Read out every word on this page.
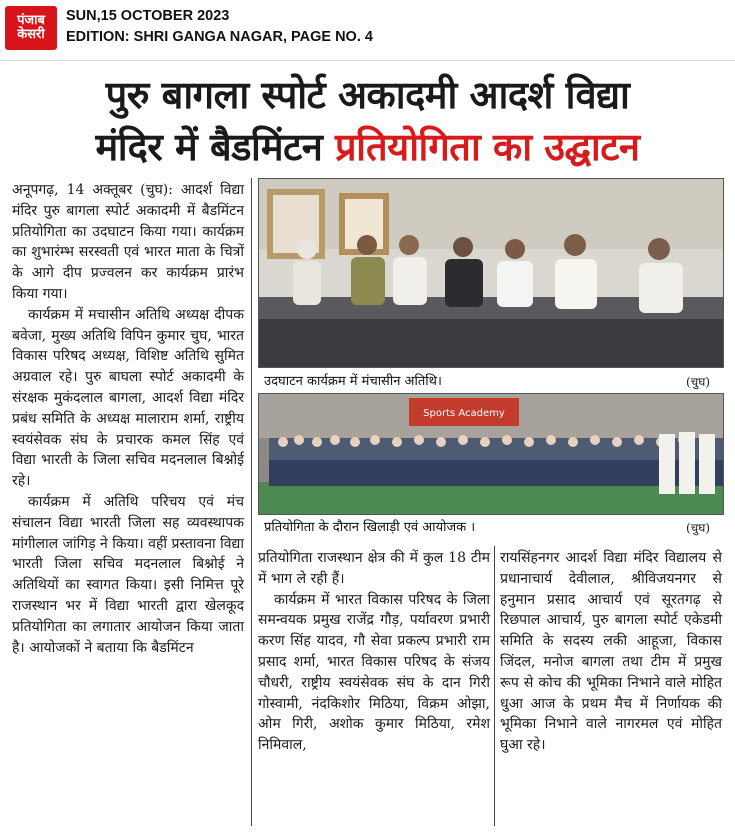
पंजाब
केसरी
SUN,15 OCTOBER 2023
EDITION: SHRI GANGA NAGAR, PAGE NO. 4
पुरु बागला स्पोर्ट अकादमी आदर्श विद्या
मंदिर में बैडमिंटन प्रतियोगिता का उद्घाटन

अनूपगढ़, 14 अक्तूबर (चुघ): आदर्श विद्या मंदिर पुरु बागला स्पोर्ट अकादमी में बैडमिंटन प्रतियोगिता का उदघाटन किया गया। कार्यक्रम का शुभारंम्भ सरस्वती एवं भारत माता के चित्रों के आगे दीप प्रज्वलन कर कार्यक्रम प्रारंभ किया गया।

कार्यक्रम में मचासीन अतिथि अध्यक्ष दीपक बवेजा, मुख्य अतिथि विपिन कुमार चुघ, भारत विकास परिषद अध्यक्ष, विशिष्ट अतिथि सुमित अग्रवाल रहे। पुरु बाघला स्पोर्ट अकादमी के संरक्षक मुकंदलाल बागला, आदर्श विद्या मंदिर प्रबंध समिति के अध्यक्ष मालाराम शर्मा, राष्ट्रीय स्वयंसेवक संघ के प्रचारक कमल सिंह एवं विद्या भारती के जिला सचिव मदनलाल बिश्नोई रहे।

कार्यक्रम में अतिथि परिचय एवं मंच संचालन विद्या भारती जिला सह व्यवस्थापक मांगीलाल जांगिड़ ने किया। वहीं प्रस्तावना विद्या भारती जिला सचिव मदनलाल बिश्नोई ने अतिथियों का स्वागत किया। इसी निमित्त पूरे राजस्थान भर में विद्या भारती द्वारा खेलकूद प्रतियोगिता का लगातार आयोजन किया जाता है। आयोजकों ने बताया कि बैडमिंटन

उदघाटन कार्यक्रम में मंचासीन अतिथि।	(चुघ)
Sports Academy
प्रतियोगिता के दौरान खिलाड़ी एवं आयोजक ।	(चुघ)

प्रतियोगिता राजस्थान क्षेत्र की में कुल 18 टीम में भाग ले रही हैं।

कार्यक्रम में भारत विकास परिषद के जिला समन्वयक प्रमुख राजेंद्र गौड़, पर्यावरण प्रभारी करण सिंह यादव, गौ सेवा प्रकल्प प्रभारी राम प्रसाद शर्मा, भारत विकास परिषद के संजय चौधरी, राष्ट्रीय स्वयंसेवक संघ के दान गिरी गोस्वामी, नंदकिशोर मिठिया, विक्रम ओझा, ओम गिरी, अशोक कुमार मिठिया, रमेश निमिवाल,

रायसिंहनगर आदर्श विद्या मंदिर विद्यालय से प्रधानाचार्य देवीलाल, श्रीविजयनगर से हनुमान प्रसाद आचार्य एवं सूरतगढ़ से रिछपाल आचार्य, पुरु बागला स्पोर्ट एकेडमी समिति के सदस्य लकी आहूजा, विकास जिंदल, मनोज बागला तथा टीम में प्रमुख रूप से कोच की भूमिका निभाने वाले मोहित धुआ आज के प्रथम मैच में निर्णायक की भूमिका निभाने वाले नागरमल एवं मोहित घुआ रहे।
